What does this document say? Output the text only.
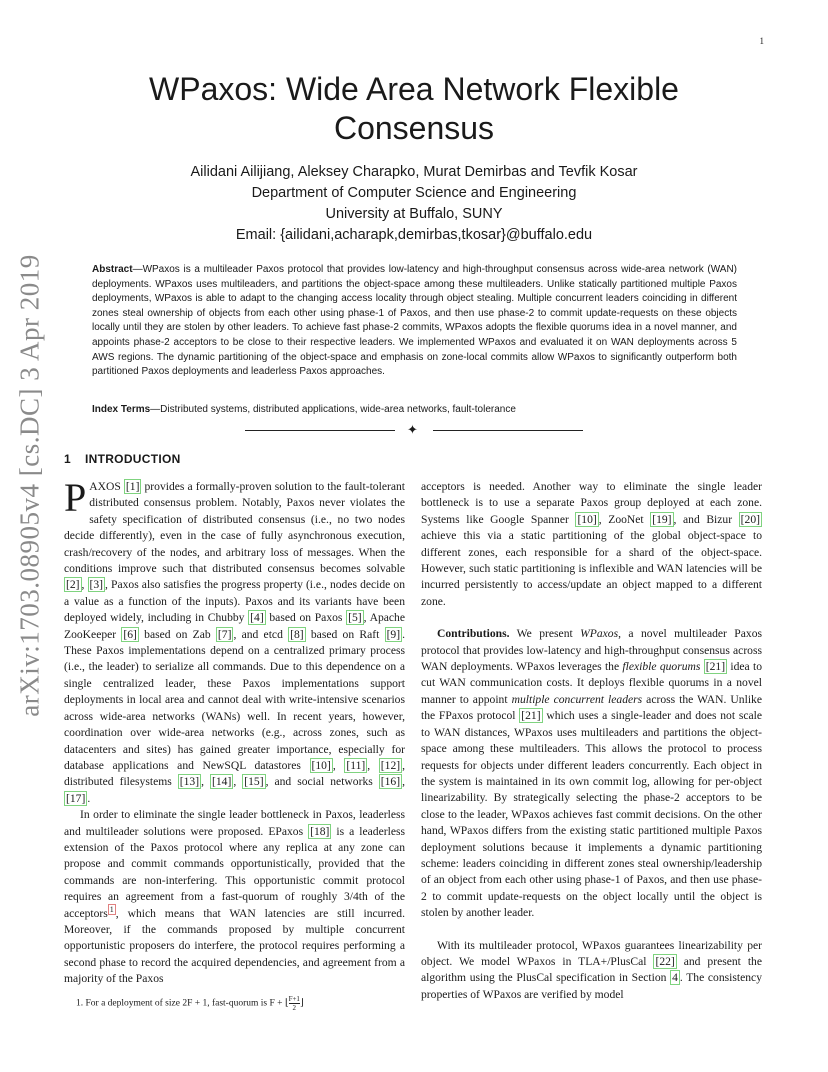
1
arXiv:1703.08905v4 [cs.DC] 3 Apr 2019
WPaxos: Wide Area Network Flexible
Consensus
Ailidani Ailijiang, Aleksey Charapko, Murat Demirbas and Tevfik Kosar
Department of Computer Science and Engineering
University at Buffalo, SUNY
Email: {ailidani,acharapk,demirbas,tkosar}@buffalo.edu
Abstract—WPaxos is a multileader Paxos protocol that provides low-latency and high-throughput consensus across wide-area network (WAN) deployments. WPaxos uses multileaders, and partitions the object-space among these multileaders. Unlike statically partitioned multiple Paxos deployments, WPaxos is able to adapt to the changing access locality through object stealing. Multiple concurrent leaders coinciding in different zones steal ownership of objects from each other using phase-1 of Paxos, and then use phase-2 to commit update-requests on these objects locally until they are stolen by other leaders. To achieve fast phase-2 commits, WPaxos adopts the flexible quorums idea in a novel manner, and appoints phase-2 acceptors to be close to their respective leaders. We implemented WPaxos and evaluated it on WAN deployments across 5 AWS regions. The dynamic partitioning of the object-space and emphasis on zone-local commits allow WPaxos to significantly outperform both partitioned Paxos deployments and leaderless Paxos approaches.
Index Terms—Distributed systems, distributed applications, wide-area networks, fault-tolerance
✦
1 INTRODUCTION

PAXOS [1] provides a formally-proven solution to the fault-tolerant distributed consensus problem. Notably, Paxos never violates the safety specification of distributed consensus (i.e., no two nodes decide differently), even in the case of fully asynchronous execution, crash/recovery of the nodes, and arbitrary loss of messages. When the conditions improve such that distributed consensus becomes solvable [2] , [3] , Paxos also satisfies the progress property (i.e., nodes decide on a value as a function of the inputs). Paxos and its variants have been deployed widely, including in Chubby [4] based on Paxos [5] , Apache ZooKeeper [6] based on Zab [7] , and etcd [8] based on Raft [9] . These Paxos implementations depend on a centralized primary process (i.e., the leader) to serialize all commands. Due to this dependence on a single centralized leader, these Paxos implementations support deployments in local area and cannot deal with write-intensive scenarios across wide-area networks (WANs) well. In recent years, however, coordination over wide-area networks (e.g., across zones, such as datacenters and sites) has gained greater importance, especially for database applications and NewSQL datastores [10] , [11] , [12] , distributed filesystems [13] , [14] , [15] , and social networks [16] , [17] .

In order to eliminate the single leader bottleneck in Paxos, leaderless and multileader solutions were proposed. EPaxos [18] is a leaderless extension of the Paxos protocol where any replica at any zone can propose and commit commands opportunistically, provided that the commands are non-interfering. This opportunistic commit protocol requires an agreement from a fast-quorum of roughly 3/4th of the acceptors $^1$ , which means that WAN latencies are still incurred. Moreover, if the commands proposed by multiple concurrent opportunistic proposers do interfere, the protocol requires performing a second phase to record the acquired dependencies, and agreement from a majority of the Paxos

acceptors is needed. Another way to eliminate the single leader bottleneck is to use a separate Paxos group deployed at each zone. Systems like Google Spanner [10] , ZooNet [19] , and Bizur [20] achieve this via a static partitioning of the global object-space to different zones, each responsible for a shard of the object-space. However, such static partitioning is inflexible and WAN latencies will be incurred persistently to access/update an object mapped to a different zone.

Contributions. We present WPaxos, a novel multileader Paxos protocol that provides low-latency and high-throughput consensus across WAN deployments. WPaxos leverages the flexible quorums [21] idea to cut WAN communication costs. It deploys flexible quorums in a novel manner to appoint multiple concurrent leaders across the WAN. Unlike the FPaxos protocol [21] which uses a single-leader and does not scale to WAN distances, WPaxos uses multileaders and partitions the object-space among these multileaders. This allows the protocol to process requests for objects under different leaders concurrently. Each object in the system is maintained in its own commit log, allowing for per-object linearizability. By strategically selecting the phase-2 acceptors to be close to the leader, WPaxos achieves fast commit decisions. On the other hand, WPaxos differs from the existing static partitioned multiple Paxos deployment solutions because it implements a dynamic partitioning scheme: leaders coinciding in different zones steal ownership/leadership of an object from each other using phase-1 of Paxos, and then use phase-2 to commit update-requests on the object locally until the object is stolen by another leader.

With its multileader protocol, WPaxos guarantees linearizability per object. We model WPaxos in TLA+/PlusCal [22] and present the algorithm using the PlusCal specification in Section 4 . The consistency properties of WPaxos are verified by model

1. For a deployment of size 2F + 1, fast-quorum is F + ⌊ $\frac{F+1}{2}$ ⌋
